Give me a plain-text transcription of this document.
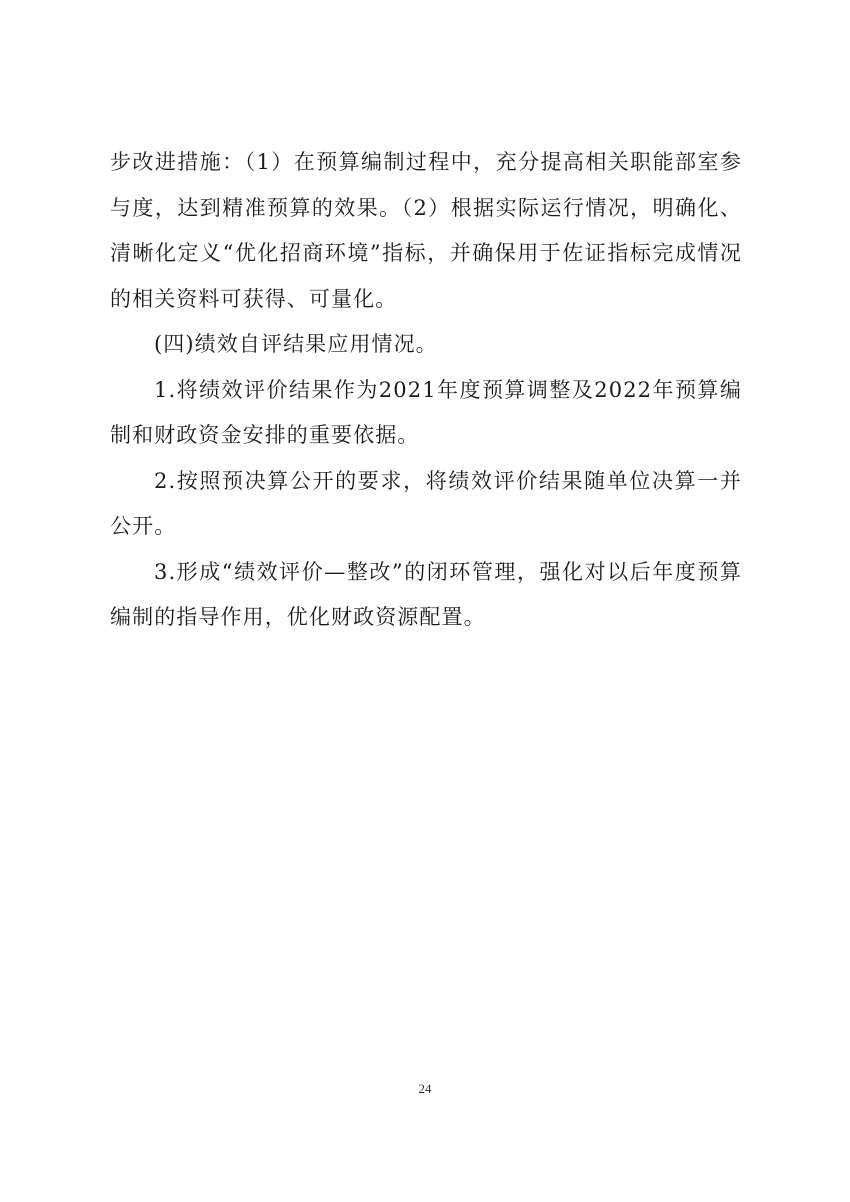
步改进措施：（1）在预算编制过程中，充分提高相关职能部室参与度，达到精准预算的效果。（2）根据实际运行情况，明确化、清晰化定义“优化招商环境”指标，并确保用于佐证指标完成情况的相关资料可获得、可量化。

(四)绩效自评结果应用情况。

1.将绩效评价结果作为2021年度预算调整及2022年预算编制和财政资金安排的重要依据。

2.按照预决算公开的要求，将绩效评价结果随单位决算一并公开。

3.形成“绩效评价—整改”的闭环管理，强化对以后年度预算编制的指导作用，优化财政资源配置。

24
